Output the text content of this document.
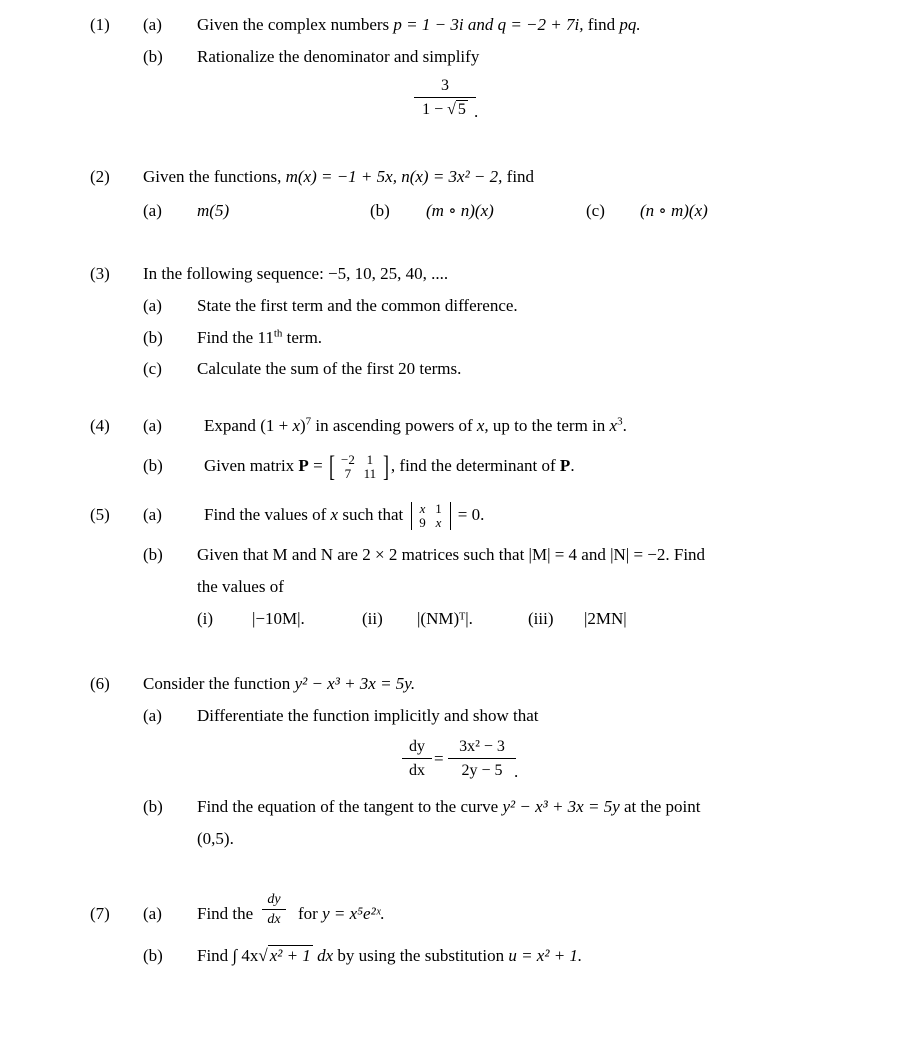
(1) (a) Given the complex numbers p = 1 − 3i and q = −2 + 7i, find pq.
(b) Rationalize the denominator and simplify
3
1 − √ 5 .
(2) Given the functions, m(x) = −1 + 5x, n(x) = 3x² − 2, find
(a) m(5)	(b) (m ∘ n)(x)	(c) (n ∘ m)(x)
(3) In the following sequence: −5, 10, 25, 40, ....
(a) State the first term and the common difference.
(b) Find the 11th term.
(c) Calculate the sum of the first 20 terms.
(4) (a) Expand $(1 + x)^7$ in ascending powers of x, up to the term in $x^3$.
(b) Given matrix P = [ −2 1
7 11 ] , find the determinant of P.
(5) (a) Find the values of x such that x 1
9 x = 0.
(b) Given that M and N are 2 × 2 matrices such that |M| = 4 and |N| = −2. Find
the values of
(i) |−10M|.	(ii) |(NM)ᵀ|.	(iii) |2MN|
(6) Consider the function y² − x³ + 3x = 5y.
(a) Differentiate the function implicitly and show that
dy
dx
=
3x² − 3
2y − 5 .
(b) Find the equation of the tangent to the curve y² − x³ + 3x = 5y at the point
(0,5).
(7) (a) Find the
dy
dx	for y = x⁵e²ˣ.
(b) Find ∫ 4x√ x² + 1 dx by using the substitution u = x² + 1.
